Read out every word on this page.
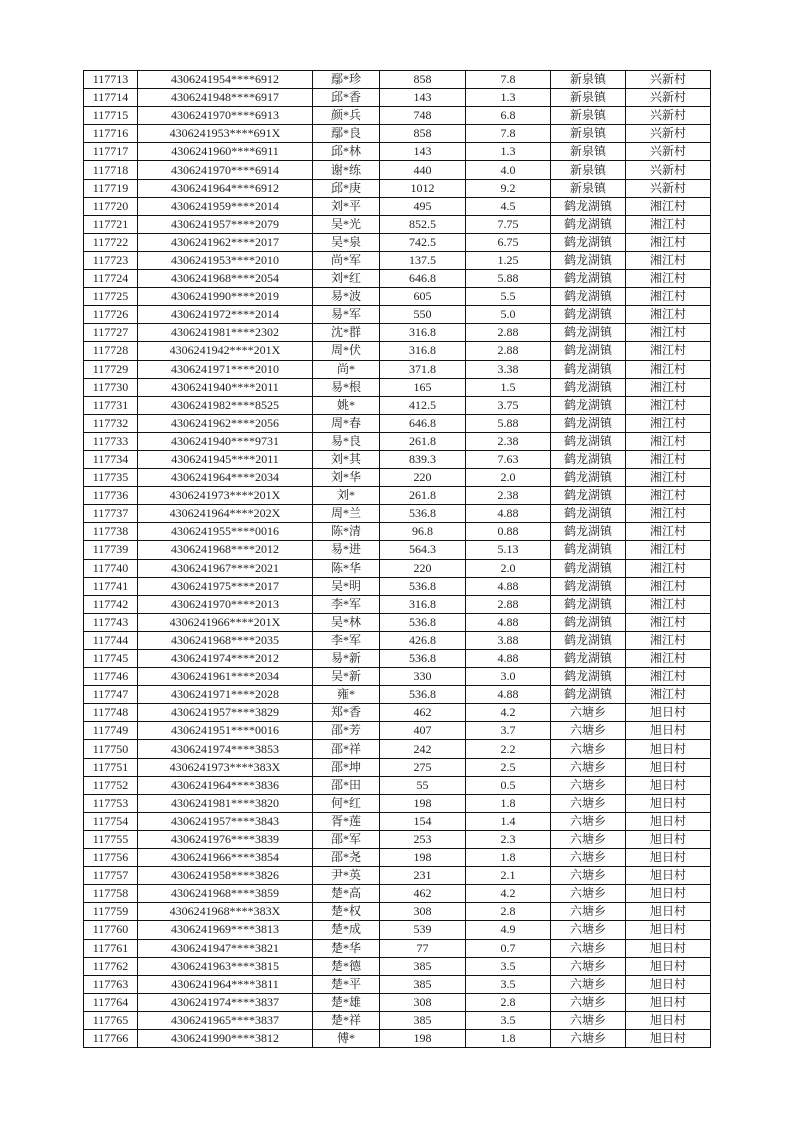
117713	4306241954****6912	鄢*珍	858	7.8	新泉镇	兴新村
117714	4306241948****6917	邱*香	143	1.3	新泉镇	兴新村
117715	4306241970****6913	颜*兵	748	6.8	新泉镇	兴新村
117716	4306241953****691X	鄢*良	858	7.8	新泉镇	兴新村
117717	4306241960****6911	邱*林	143	1.3	新泉镇	兴新村
117718	4306241970****6914	谢*练	440	4.0	新泉镇	兴新村
117719	4306241964****6912	邱*庚	1012	9.2	新泉镇	兴新村
117720	4306241959****2014	刘*平	495	4.5	鹤龙湖镇	湘江村
117721	4306241957****2079	吴*光	852.5	7.75	鹤龙湖镇	湘江村
117722	4306241962****2017	吴*泉	742.5	6.75	鹤龙湖镇	湘江村
117723	4306241953****2010	尚*军	137.5	1.25	鹤龙湖镇	湘江村
117724	4306241968****2054	刘*红	646.8	5.88	鹤龙湖镇	湘江村
117725	4306241990****2019	易*波	605	5.5	鹤龙湖镇	湘江村
117726	4306241972****2014	易*军	550	5.0	鹤龙湖镇	湘江村
117727	4306241981****2302	沈*群	316.8	2.88	鹤龙湖镇	湘江村
117728	4306241942****201X	周*伏	316.8	2.88	鹤龙湖镇	湘江村
117729	4306241971****2010	尚*	371.8	3.38	鹤龙湖镇	湘江村
117730	4306241940****2011	易*根	165	1.5	鹤龙湖镇	湘江村
117731	4306241982****8525	姚*	412.5	3.75	鹤龙湖镇	湘江村
117732	4306241962****2056	周*春	646.8	5.88	鹤龙湖镇	湘江村
117733	4306241940****9731	易*良	261.8	2.38	鹤龙湖镇	湘江村
117734	4306241945****2011	刘*其	839.3	7.63	鹤龙湖镇	湘江村
117735	4306241964****2034	刘*华	220	2.0	鹤龙湖镇	湘江村
117736	4306241973****201X	刘*	261.8	2.38	鹤龙湖镇	湘江村
117737	4306241964****202X	周*兰	536.8	4.88	鹤龙湖镇	湘江村
117738	4306241955****0016	陈*清	96.8	0.88	鹤龙湖镇	湘江村
117739	4306241968****2012	易*进	564.3	5.13	鹤龙湖镇	湘江村
117740	4306241967****2021	陈*华	220	2.0	鹤龙湖镇	湘江村
117741	4306241975****2017	吴*明	536.8	4.88	鹤龙湖镇	湘江村
117742	4306241970****2013	李*军	316.8	2.88	鹤龙湖镇	湘江村
117743	4306241966****201X	吴*林	536.8	4.88	鹤龙湖镇	湘江村
117744	4306241968****2035	李*军	426.8	3.88	鹤龙湖镇	湘江村
117745	4306241974****2012	易*新	536.8	4.88	鹤龙湖镇	湘江村
117746	4306241961****2034	吴*新	330	3.0	鹤龙湖镇	湘江村
117747	4306241971****2028	雍*	536.8	4.88	鹤龙湖镇	湘江村
117748	4306241957****3829	郑*香	462	4.2	六塘乡	旭日村
117749	4306241951****0016	邵*芳	407	3.7	六塘乡	旭日村
117750	4306241974****3853	邵*祥	242	2.2	六塘乡	旭日村
117751	4306241973****383X	邵*坤	275	2.5	六塘乡	旭日村
117752	4306241964****3836	邵*田	55	0.5	六塘乡	旭日村
117753	4306241981****3820	何*红	198	1.8	六塘乡	旭日村
117754	4306241957****3843	胥*莲	154	1.4	六塘乡	旭日村
117755	4306241976****3839	邵*军	253	2.3	六塘乡	旭日村
117756	4306241966****3854	邵*尧	198	1.8	六塘乡	旭日村
117757	4306241958****3826	尹*英	231	2.1	六塘乡	旭日村
117758	4306241968****3859	楚*高	462	4.2	六塘乡	旭日村
117759	4306241968****383X	楚*权	308	2.8	六塘乡	旭日村
117760	4306241969****3813	楚*成	539	4.9	六塘乡	旭日村
117761	4306241947****3821	楚*华	77	0.7	六塘乡	旭日村
117762	4306241963****3815	楚*德	385	3.5	六塘乡	旭日村
117763	4306241964****3811	楚*平	385	3.5	六塘乡	旭日村
117764	4306241974****3837	楚*雄	308	2.8	六塘乡	旭日村
117765	4306241965****3837	楚*祥	385	3.5	六塘乡	旭日村
117766	4306241990****3812	傅*	198	1.8	六塘乡	旭日村
